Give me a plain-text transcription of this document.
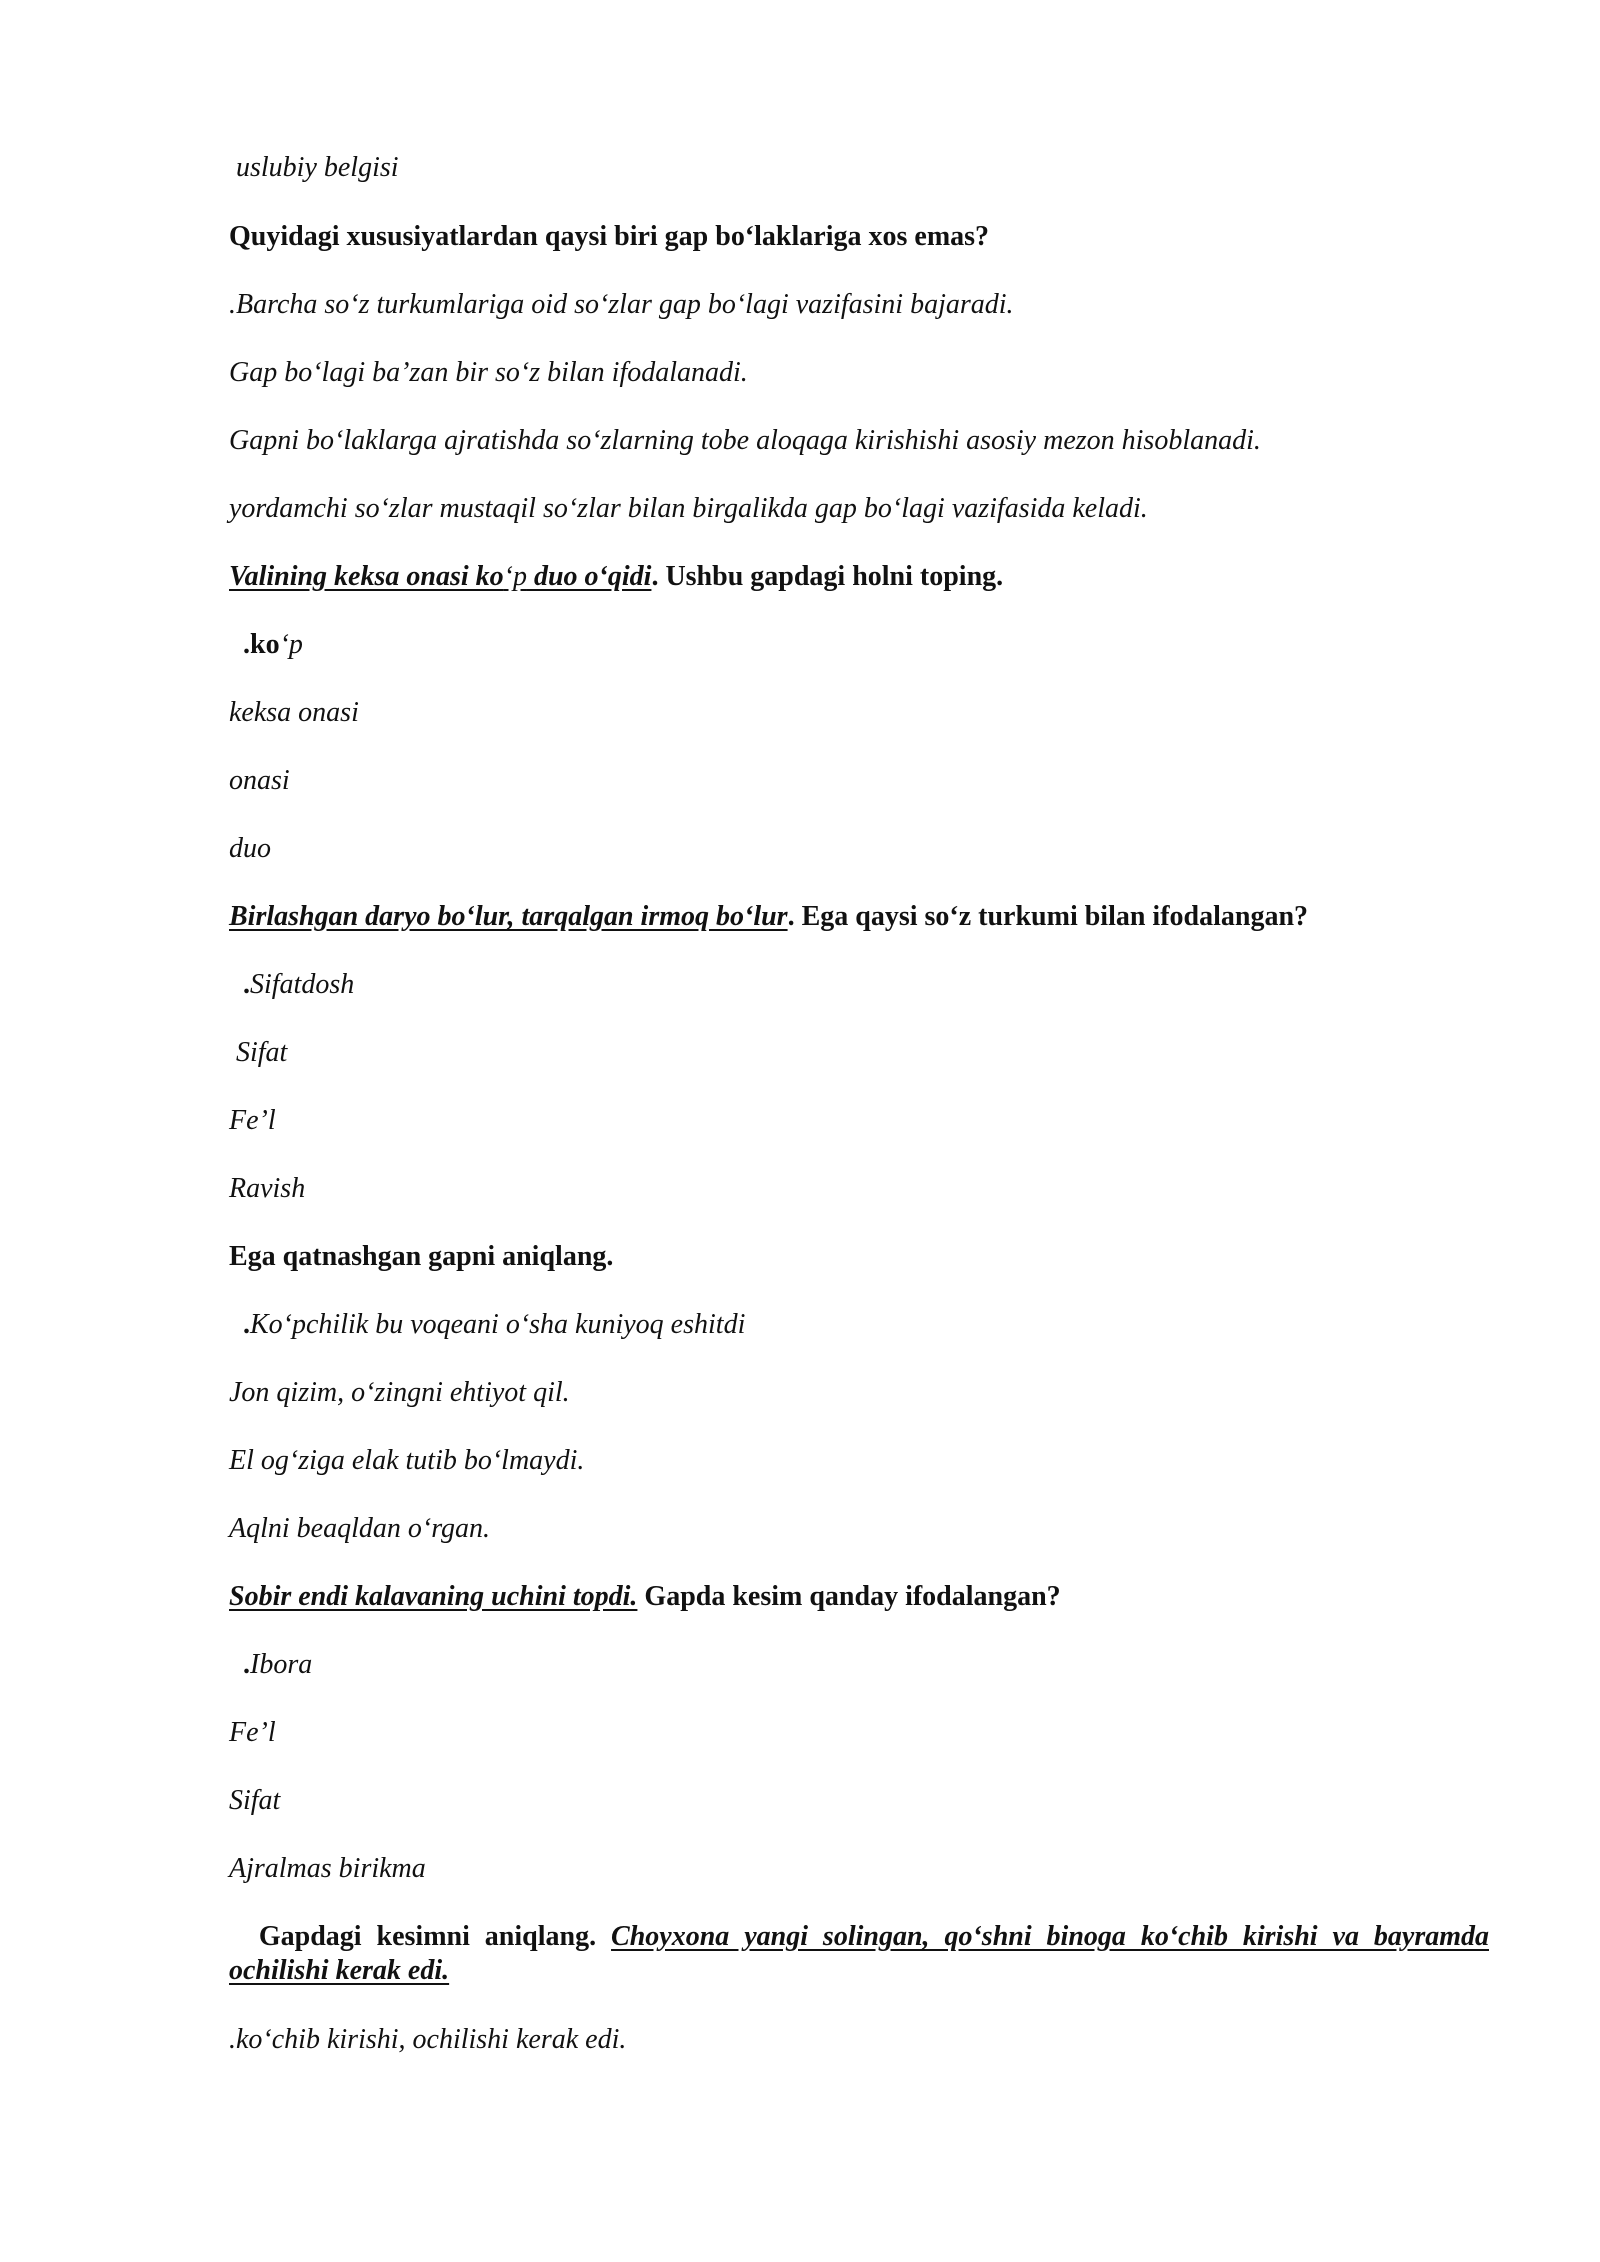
uslubiy belgisi
Quyidagi xususiyatlardan qaysi biri gap bo‘laklariga xos emas?
.Barcha so‘z turkumlariga oid so‘zlar gap bo‘lagi vazifasini bajaradi.
Gap bo‘lagi ba’zan bir so‘z bilan ifodalanadi.
Gapni bo‘laklarga ajratishda so‘zlarning tobe aloqaga kirishishi asosiy mezon hisoblanadi.
yordamchi so‘zlar mustaqil so‘zlar bilan birgalikda gap bo‘lagi vazifasida keladi.
Valining keksa onasi ko‘p duo o‘qidi. Ushbu gapdagi holni toping.
.ko‘p
keksa onasi
onasi
duo
Birlashgan daryo bo‘lur, tarqalgan irmoq bo‘lur. Ega qaysi so‘z turkumi bilan ifodalangan?
.Sifatdosh
Sifat
Fe’l
Ravish
Ega qatnashgan gapni aniqlang.
.Ko‘pchilik bu voqeani o‘sha kuniyoq eshitdi
Jon qizim, o‘zingni ehtiyot qil.
El og‘ziga elak tutib bo‘lmaydi.
Aqlni beaqldan o‘rgan.
Sobir endi kalavaning uchini topdi. Gapda kesim qanday ifodalangan?
.Ibora
Fe’l
Sifat
Ajralmas birikma
Gapdagi kesimni aniqlang. Choyxona yangi solingan, qo‘shni binoga ko‘chib kirishi va bayramda ochilishi kerak edi.
.ko‘chib kirishi, ochilishi kerak edi.
